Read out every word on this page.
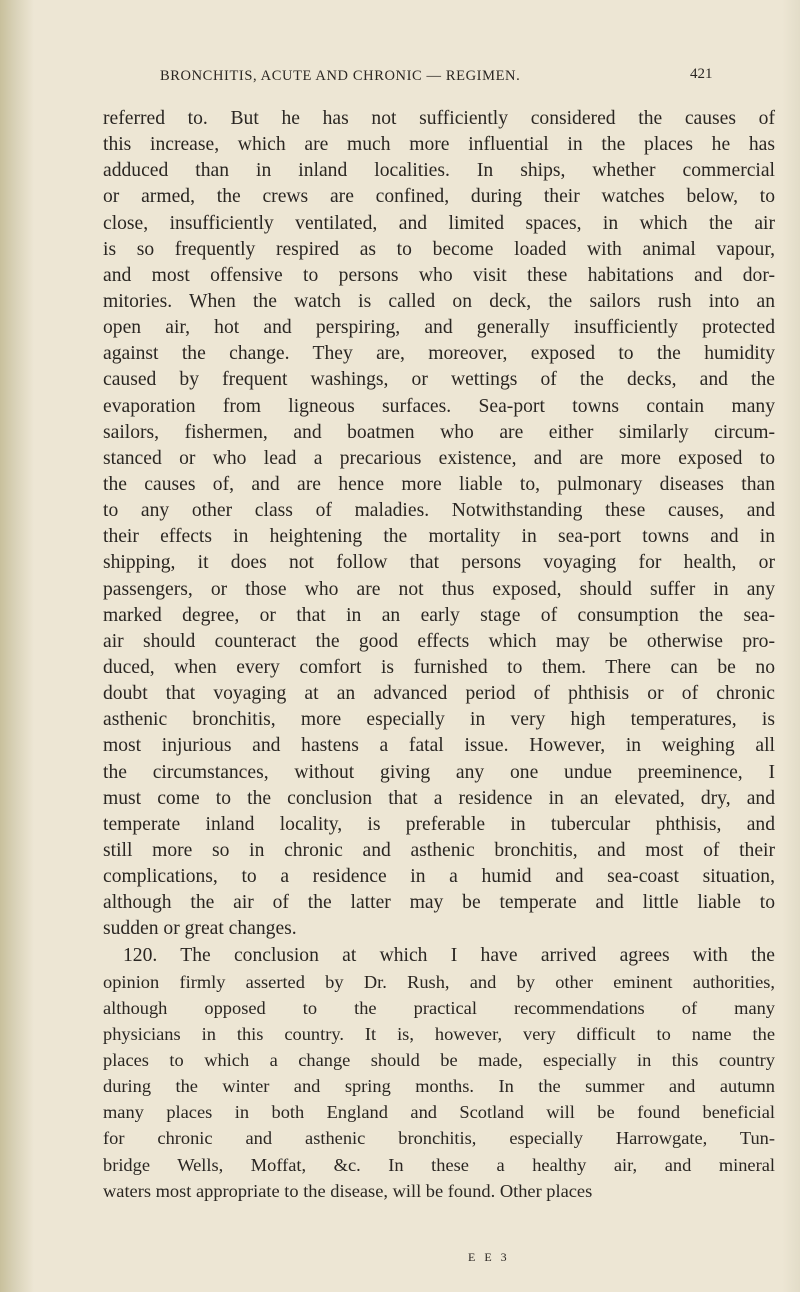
BRONCHITIS, ACUTE AND CHRONIC — REGIMEN.	421
referred to. But he has not sufficiently considered the causes of
this increase, which are much more influential in the places he has
adduced than in inland localities. In ships, whether commercial
or armed, the crews are confined, during their watches below, to
close, insufficiently ventilated, and limited spaces, in which the air
is so frequently respired as to become loaded with animal vapour,
and most offensive to persons who visit these habitations and dor-
mitories. When the watch is called on deck, the sailors rush into an
open air, hot and perspiring, and generally insufficiently protected
against the change. They are, moreover, exposed to the humidity
caused by frequent washings, or wettings of the decks, and the
evaporation from ligneous surfaces. Sea-port towns contain many
sailors, fishermen, and boatmen who are either similarly circum-
stanced or who lead a precarious existence, and are more exposed to
the causes of, and are hence more liable to, pulmonary diseases than
to any other class of maladies. Notwithstanding these causes, and
their effects in heightening the mortality in sea-port towns and in
shipping, it does not follow that persons voyaging for health, or
passengers, or those who are not thus exposed, should suffer in any
marked degree, or that in an early stage of consumption the sea-
air should counteract the good effects which may be otherwise pro-
duced, when every comfort is furnished to them. There can be no
doubt that voyaging at an advanced period of phthisis or of chronic
asthenic bronchitis, more especially in very high temperatures, is
most injurious and hastens a fatal issue. However, in weighing all
the circumstances, without giving any one undue preeminence, I
must come to the conclusion that a residence in an elevated, dry, and
temperate inland locality, is preferable in tubercular phthisis, and
still more so in chronic and asthenic bronchitis, and most of their
complications, to a residence in a humid and sea-coast situation,
although the air of the latter may be temperate and little liable to
sudden or great changes.
120. The conclusion at which I have arrived agrees with the
opinion firmly asserted by Dr. Rush, and by other eminent authorities,
although opposed to the practical recommendations of many
physicians in this country. It is, however, very difficult to name the
places to which a change should be made, especially in this country
during the winter and spring months. In the summer and autumn
many places in both England and Scotland will be found beneficial
for chronic and asthenic bronchitis, especially Harrowgate, Tun-
bridge Wells, Moffat, &c. In these a healthy air, and mineral
waters most appropriate to the disease, will be found. Other places
E E 3
